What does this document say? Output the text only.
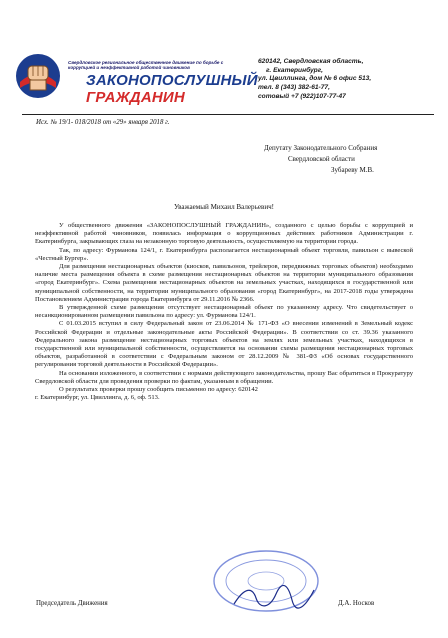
Свердловское региональное общественное движение по борьбе с коррупцией и неэффективной работой чиновников
ЗАКОНОПОСЛУШНЫЙ
ГРАЖДАНИН
620142, Свердловская область,
г. Екатеринбург,
ул. Цвиллинга, дом № 6 офис 513,
тел. 8 (343) 382-61-77,
сотовый +7 (922)107-77-47
Исх. № 19/1- 018/2018 от «29» января 2018 г.
Депутату Законодательного Собрания
Свердловской области
Зубареву М.В.
Уважаемый Михаил Валерьевич!

У общественного движения «ЗАКОНОПОСЛУШНЫЙ ГРАЖДАНИН», созданного с целью борьбы с коррупцией и неэффективной работой чиновников, появилась информация о коррупционных действиях работников Администрации г. Екатеринбурга, закрывающих глаза на незаконную торговую деятельность, осуществляемую на территории города.

Так, по адресу: Фурманова 124/1, г. Екатеринбурга располагается нестационарный объект торговли, павильон с вывеской «Честный Бургер».

Для размещения нестационарных объектов (киосков, павильонов, трейлеров, передвижных торговых объектов) необходимо наличие места размещения объекта в схеме размещения нестационарных объектов на территории муниципального образования «город Екатеринбург». Схема размещения нестационарных объектов на земельных участках, находящихся в государственной или муниципальной собственности, на территории муниципального образования «город Екатеринбург», на 2017-2018 годы утверждена Постановлением Администрации города Екатеринбурга от 29.11.2016 № 2366.

В утвержденной схеме размещения отсутствует нестационарный объект по указанному адресу. Что свидетельствует о несанкционированном размещении павильона по адресу: ул. Фурманова 124/1.

С 01.03.2015 вступил в силу Федеральный закон от 23.06.2014 № 171-ФЗ «О внесении изменений в Земельный кодекс Российской Федерации и отдельные законодательные акты Российской Федерации». В соответствии со ст. 39.36 указанного Федерального закона размещение нестационарных торговых объектов на землях или земельных участках, находящихся в государственной или муниципальной собственности, осуществляется на основании схемы размещения нестационарных торговых объектов, разработанной в соответствии с Федеральным законом от 28.12.2009 № 381-ФЗ «Об основах государственного регулирования торговой деятельности в Российской Федерации».

На основании изложенного, в соответствии с нормами действующего законодательства, прошу Вас обратиться в Прокуратуру Свердловской области для проведения проверки по фактам, указанным в обращении.

О результатах проверки прошу сообщить письменно по адресу: 620142

г. Екатеринбург, ул. Цвиллинга, д. 6, оф. 513.

Председатель Движения	Д.А. Носков
